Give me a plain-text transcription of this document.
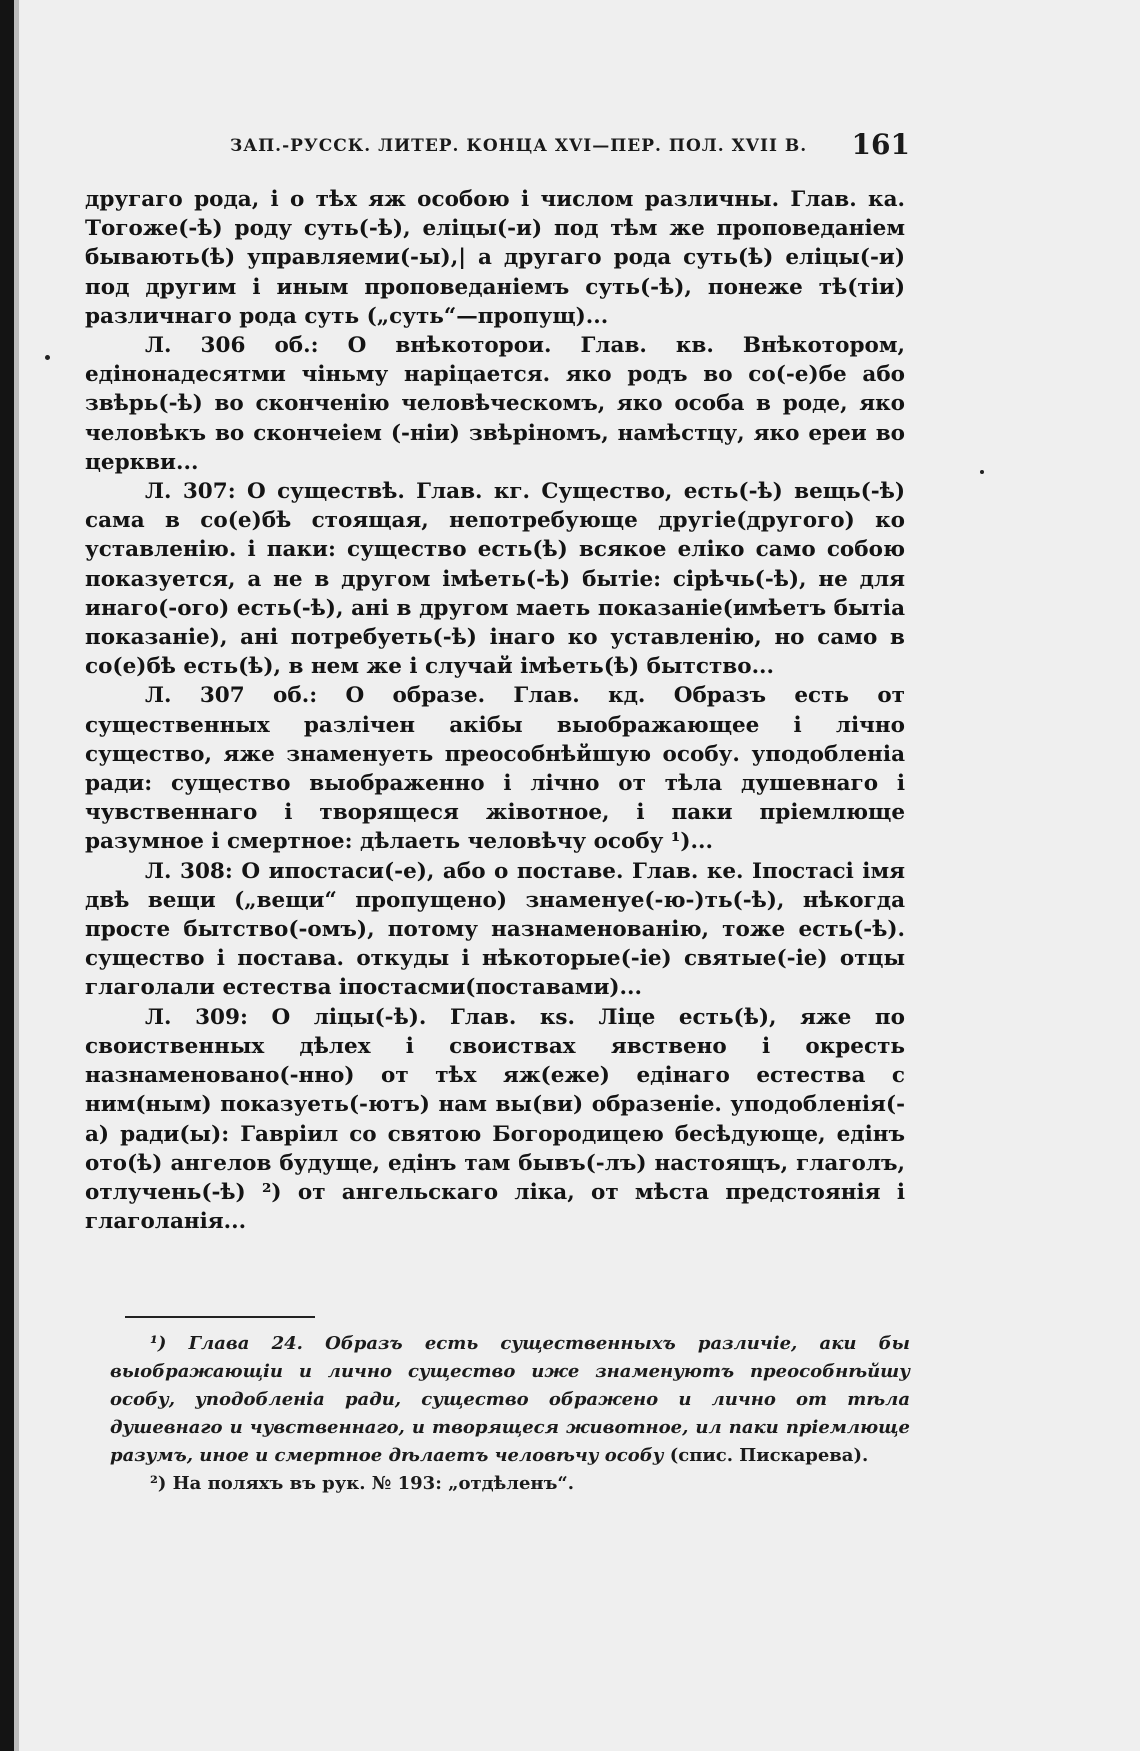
ЗАП.-РУССК. ЛИТЕР. КОНЦА XVI—ПЕР. ПОЛ. XVII В. 161

другаго рода, і о тѣх яж особою і числом различны. Глав. ка. Тогожe(-ѣ) роду суть(-ѣ), еліцы(-и) под тѣм же проповеданіем бывають(ѣ) управляеми(-ы),| а другаго рода суть(ѣ) еліцы(-и) под другим і иным проповеданіемъ суть(-ѣ), понеже тѣ(тіи) различнаго рода суть („суть“—пропущ)...

Л. 306 об.: О внѣкоторои. Глав. кв. Внѣкотором, едінонадесятми чіньму наріцается. яко родъ во со(-е)бе або звѣрь(-ѣ) во скончeнію человѣческомъ, яко особа в роде, яко человѣкъ во скончеіем (-ніи) звѣріномъ, намѣстцу, яко ереи во церкви...

Л. 307: О существѣ. Глав. кг. Существо, есть(-ѣ) вещь(-ѣ) сама в со(е)бѣ стоящая, непотребующе другіе(другого) ко уставленію. і паки: существо есть(ѣ) всякое еліко само собою показуется, а не в другом імѣеть(-ѣ) бытіе: сірѣчь(-ѣ), не для инаго(-ого) есть(-ѣ), ані в другом маеть показаніе(имѣетъ бытіа показаніе), ані потребуеть(-ѣ) інаго ко уставленію, но само в со(е)бѣ есть(ѣ), в нем же і случай імѣеть(ѣ) бытство...

Л. 307 об.: О образе. Глав. кд. Образъ есть от существенных разлічен акібы выображающее і лічно существо, яже знаменуеть преособнѣйшую особу. уподобленіа ради: существо выображенно і лічно от тѣла душевнаго і чувственнаго і творящеся жівотное, і паки пріемлюще разумное і смертное: дѣлаеть человѣчу особу ¹)...

Л. 308: О ипостаси(-е), або о поставе. Глав. ке. Іпостасі імя двѣ вещи („вещи“ пропущено) знаменуе(-ю-)ть(-ѣ), нѣкогда просте бытство(-омъ), потому назнаменованію, тоже есть(-ѣ). существо і постава. откуды і нѣкоторые(-іе) святые(-іе) отцы глаголали естества іпостасми(поставами)...

Л. 309: О ліцы(-ѣ). Глав. кѕ. Ліце есть(ѣ), яже по своиственных дѣлех і своиствах явствено і окресть назнаменовано(-нно) от тѣх яж(еже) едінаго естества с ним(ным) показуеть(-ютъ) нам вы(ви) образеніе. уподобленія(-а) ради(ы): Гавріил со святою Богородицею бесѣдующе, едінъ ото(ѣ) ангелов будуще, едінъ там бывъ(-лъ) настоящъ, глаголъ, отлучень(-ѣ) ²) от ангельскаго ліка, от мѣста предстоянія і глаголанія...

¹) Глава 24. Образъ есть существенныхъ различіе, аки бы выображающіи и лично существо иже знаменуютъ преособнѣйшу особу, уподобленіа ради, существо ображено и лично от тѣла душевнаго и чувственнаго, и творящеся животное, ил паки пріемлюще разумъ, иное и смертное дѣлаетъ человѣчу особу (спис. Пискарева).

²) На поляхъ въ рук. № 193: „отдѣленъ“.
